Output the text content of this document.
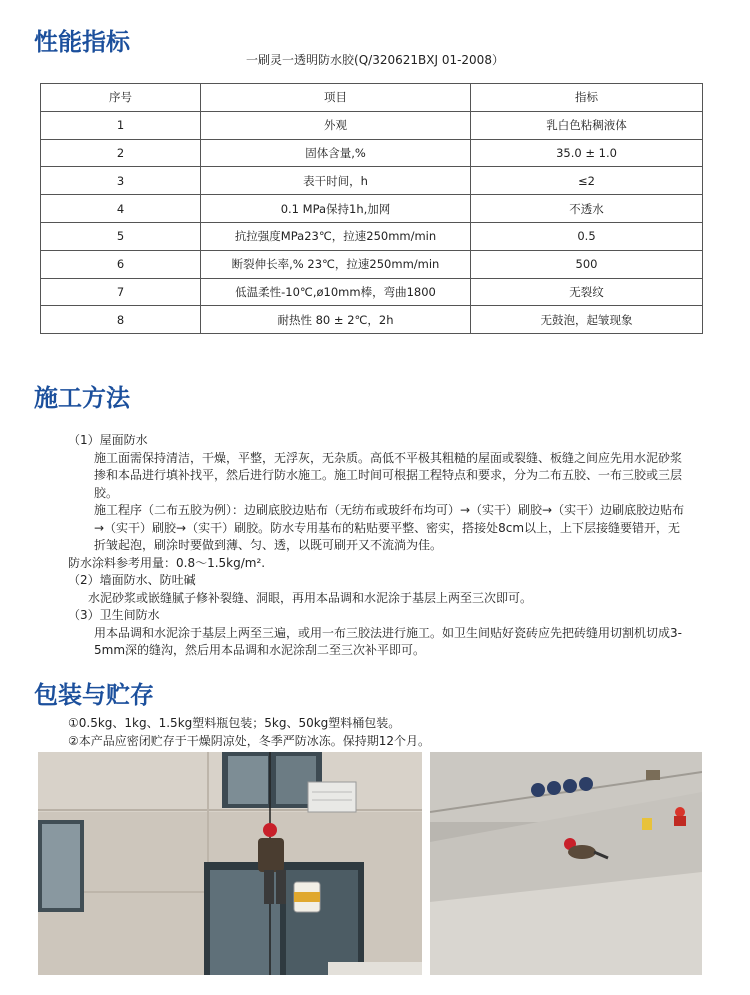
性能指标
一刷灵一透明防水胶(Q/320621BXJ 01-2008）
序号	项目	指标
1	外观	乳白色粘稠液体
2	固体含量,%	35.0 ± 1.0
3	表干时间，h	≤2
4	0.1 MPa保持1h,加网	不透水
5	抗拉强度MPa23℃，拉速250mm/min	0.5
6	断裂伸长率,% 23℃，拉速250mm/min	500
7	低温柔性-10℃,ø10mm棒，弯曲1800	无裂纹
8	耐热性 80 ± 2℃，2h	无鼓泡，起皱现象
施工方法

（1）屋面防水

施工面需保持清洁，干燥，平整，无浮灰，无杂质。高低不平极其粗糙的屋面或裂缝、板缝之间应先用水泥砂浆掺和本品进行填补找平，然后进行防水施工。施工时间可根据工程特点和要求，分为二布五胶、一布三胶或三层胶。

施工程序（二布五胶为例）：边刷底胶边贴布（无纺布或玻纤布均可）→（实干）刷胶→（实干）边刷底胶边贴布→（实干）刷胶→（实干）刷胶。防水专用基布的粘贴要平整、密实，搭接处8cm以上，上下层接缝要错开，无折皱起泡，刷涂时要做到薄、匀、透，以既可刷开又不流淌为佳。

防水涂料参考用量：0.8～1.5kg/m².

（2）墙面防水、防吐碱

水泥砂浆或嵌缝腻子修补裂缝、洞眼，再用本品调和水泥涂于基层上两至三次即可。

（3）卫生间防水

用本品调和水泥涂于基层上两至三遍，或用一布三胶法进行施工。如卫生间贴好瓷砖应先把砖缝用切割机切成3-5mm深的缝沟，然后用本品调和水泥涂刮二至三次补平即可。

包装与贮存

①0.5kg、1kg、1.5kg塑料瓶包装；5kg、50kg塑料桶包装。

②本产品应密闭贮存于干燥阴凉处，冬季严防冰冻。保持期12个月。
